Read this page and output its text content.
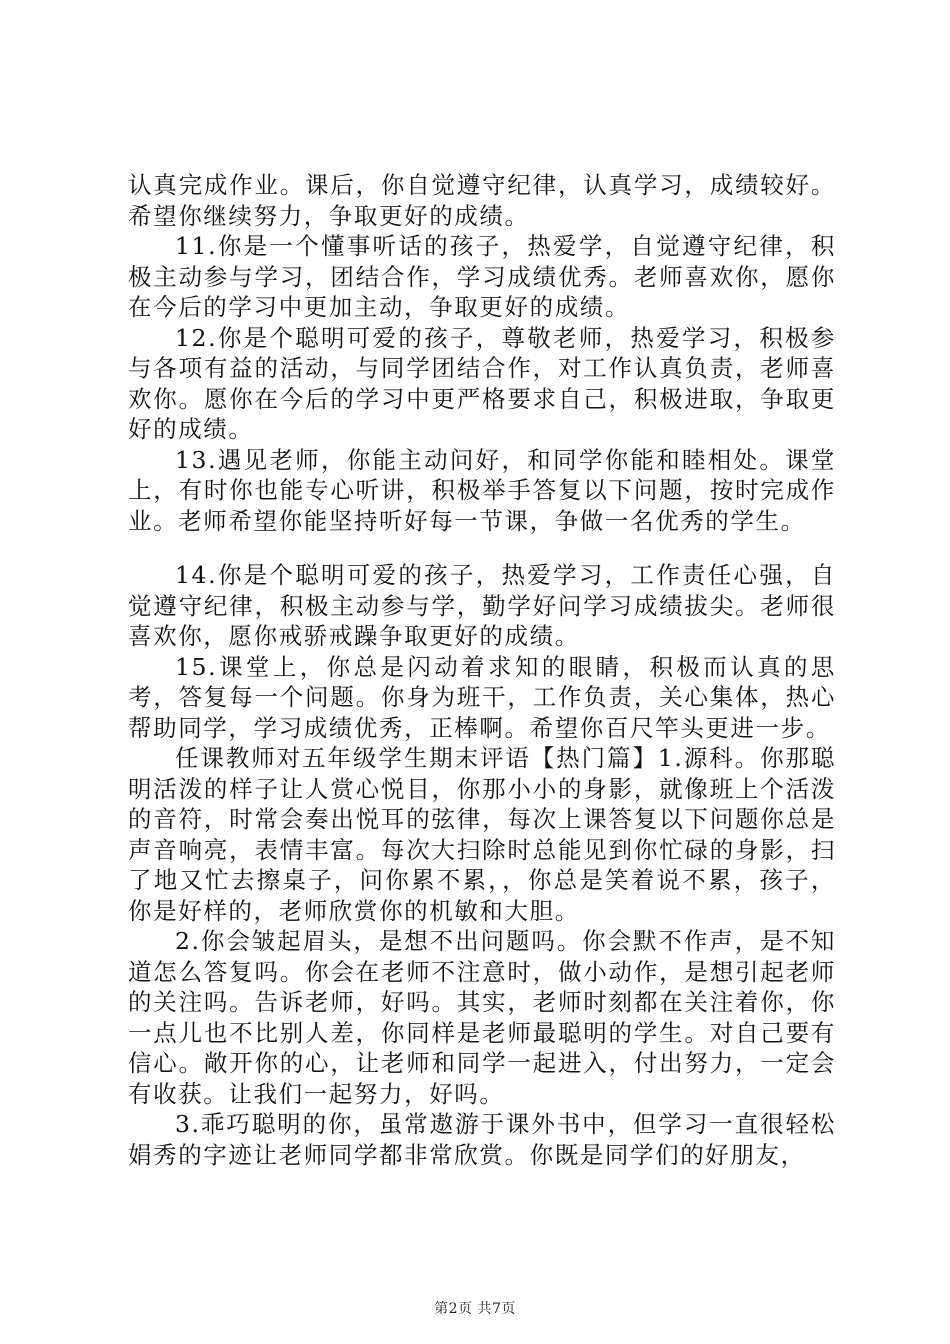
认真完成作业。课后，你自觉遵守纪律，认真学习，成绩较好。希望你继续努力，争取更好的成绩。

11.你是一个懂事听话的孩子，热爱学，自觉遵守纪律，积极主动参与学习，团结合作，学习成绩优秀。老师喜欢你，愿你在今后的学习中更加主动，争取更好的成绩。

12.你是个聪明可爱的孩子，尊敬老师，热爱学习，积极参与各项有益的活动，与同学团结合作，对工作认真负责，老师喜欢你。愿你在今后的学习中更严格要求自己，积极进取，争取更好的成绩。

13.遇见老师，你能主动问好，和同学你能和睦相处。课堂上，有时你也能专心听讲，积极举手答复以下问题，按时完成作业。老师希望你能坚持听好每一节课，争做一名优秀的学生。

14.你是个聪明可爱的孩子，热爱学习，工作责任心强，自觉遵守纪律，积极主动参与学，勤学好问学习成绩拔尖。老师很喜欢你，愿你戒骄戒躁争取更好的成绩。

15.课堂上，你总是闪动着求知的眼睛，积极而认真的思考，答复每一个问题。你身为班干，工作负责，关心集体，热心帮助同学，学习成绩优秀，正棒啊。希望你百尺竿头更进一步。

任课教师对五年级学生期末评语【热门篇】1.源科。你那聪明活泼的样子让人赏心悦目，你那小小的身影，就像班上个活泼的音符，时常会奏出悦耳的弦律，每次上课答复以下问题你总是声音响亮，表情丰富。每次大扫除时总能见到你忙碌的身影，扫了地又忙去擦桌子，问你累不累，，你总是笑着说不累，孩子，你是好样的，老师欣赏你的机敏和大胆。

2.你会皱起眉头，是想不出问题吗。你会默不作声，是不知道怎么答复吗。你会在老师不注意时，做小动作，是想引起老师的关注吗。告诉老师，好吗。其实，老师时刻都在关注着你，你一点儿也不比别人差，你同样是老师最聪明的学生。对自己要有信心。敞开你的心，让老师和同学一起进入，付出努力，一定会有收获。让我们一起努力，好吗。

3.乖巧聪明的你，虽常遨游于课外书中，但学习一直很轻松娟秀的字迹让老师同学都非常欣赏。你既是同学们的好朋友，

第2页 共7页
